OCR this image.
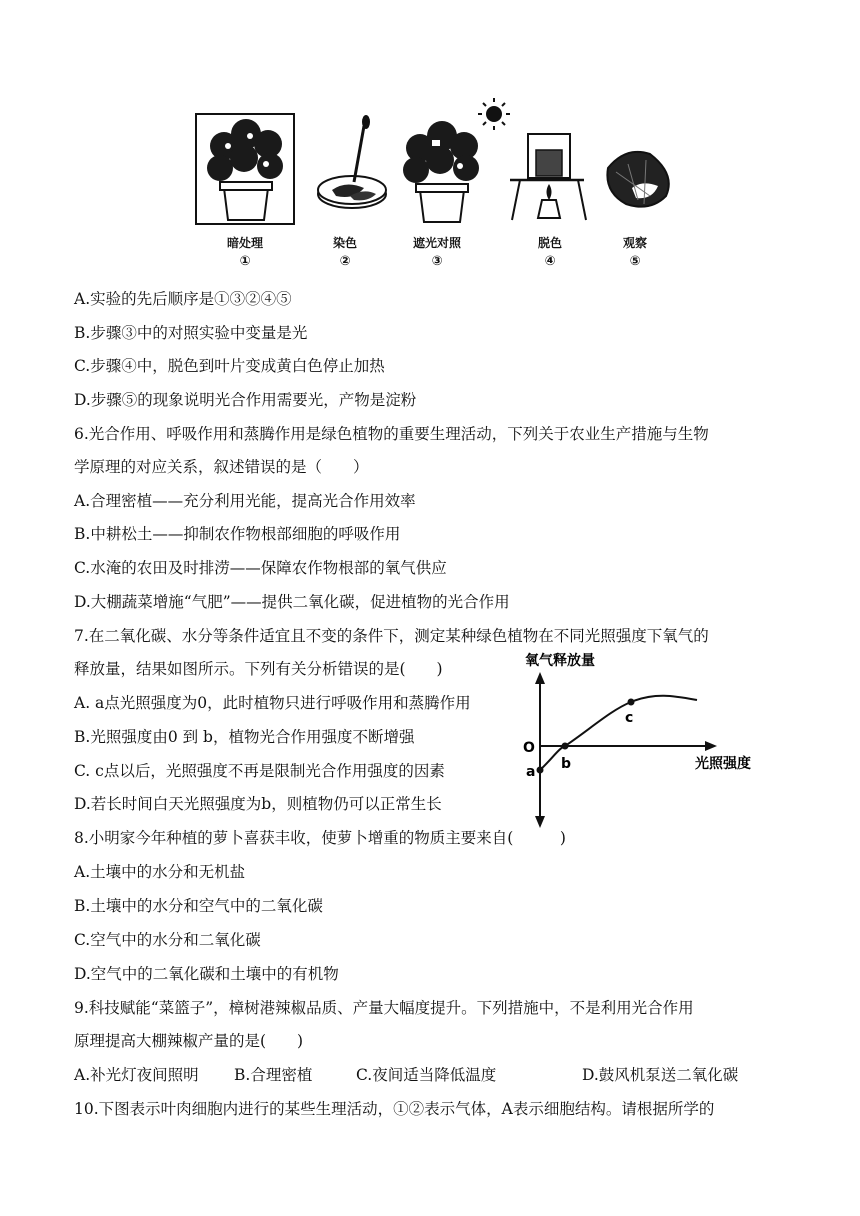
暗处理	染色	遮光对照	脱色	观察
①	②	③	④	⑤
A.实验的先后顺序是①③②④⑤
B.步骤③中的对照实验中变量是光
C.步骤④中，脱色到叶片变成黄白色停止加热
D.步骤⑤的现象说明光合作用需要光，产物是淀粉
6.光合作用、呼吸作用和蒸腾作用是绿色植物的重要生理活动，下列关于农业生产措施与生物
学原理的对应关系，叙述错误的是（　　）
A.合理密植——充分利用光能，提高光合作用效率
B.中耕松土——抑制农作物根部细胞的呼吸作用
C.水淹的农田及时排涝——保障农作物根部的氧气供应
D.大棚蔬菜增施“气肥”——提供二氧化碳，促进植物的光合作用
7.在二氧化碳、水分等条件适宜且不变的条件下，测定某种绿色植物在不同光照强度下氧气的
释放量，结果如图所示。下列有关分析错误的是(　　)
A. a点光照强度为0，此时植物只进行呼吸作用和蒸腾作用
B.光照强度由0 到 b，植物光合作用强度不断增强
C. c点以后，光照强度不再是限制光合作用强度的因素
D.若长时间白天光照强度为b，则植物仍可以正常生长
氧气释放量
光照强度
O
a b
c
8.小明家今年种植的萝卜喜获丰收，使萝卜增重的物质主要来自(　　　)
A.土壤中的水分和无机盐
B.土壤中的水分和空气中的二氧化碳
C.空气中的水分和二氧化碳
D.空气中的二氧化碳和土壤中的有机物
9.科技赋能“菜篮子”，樟树港辣椒品质、产量大幅度提升。下列措施中，不是利用光合作用
原理提高大棚辣椒产量的是(　　)
A.补光灯夜间照明 B.合理密植	C.夜间适当降低温度	D.鼓风机泵送二氧化碳
10.下图表示叶肉细胞内进行的某些生理活动，①②表示气体，A表示细胞结构。请根据所学的
